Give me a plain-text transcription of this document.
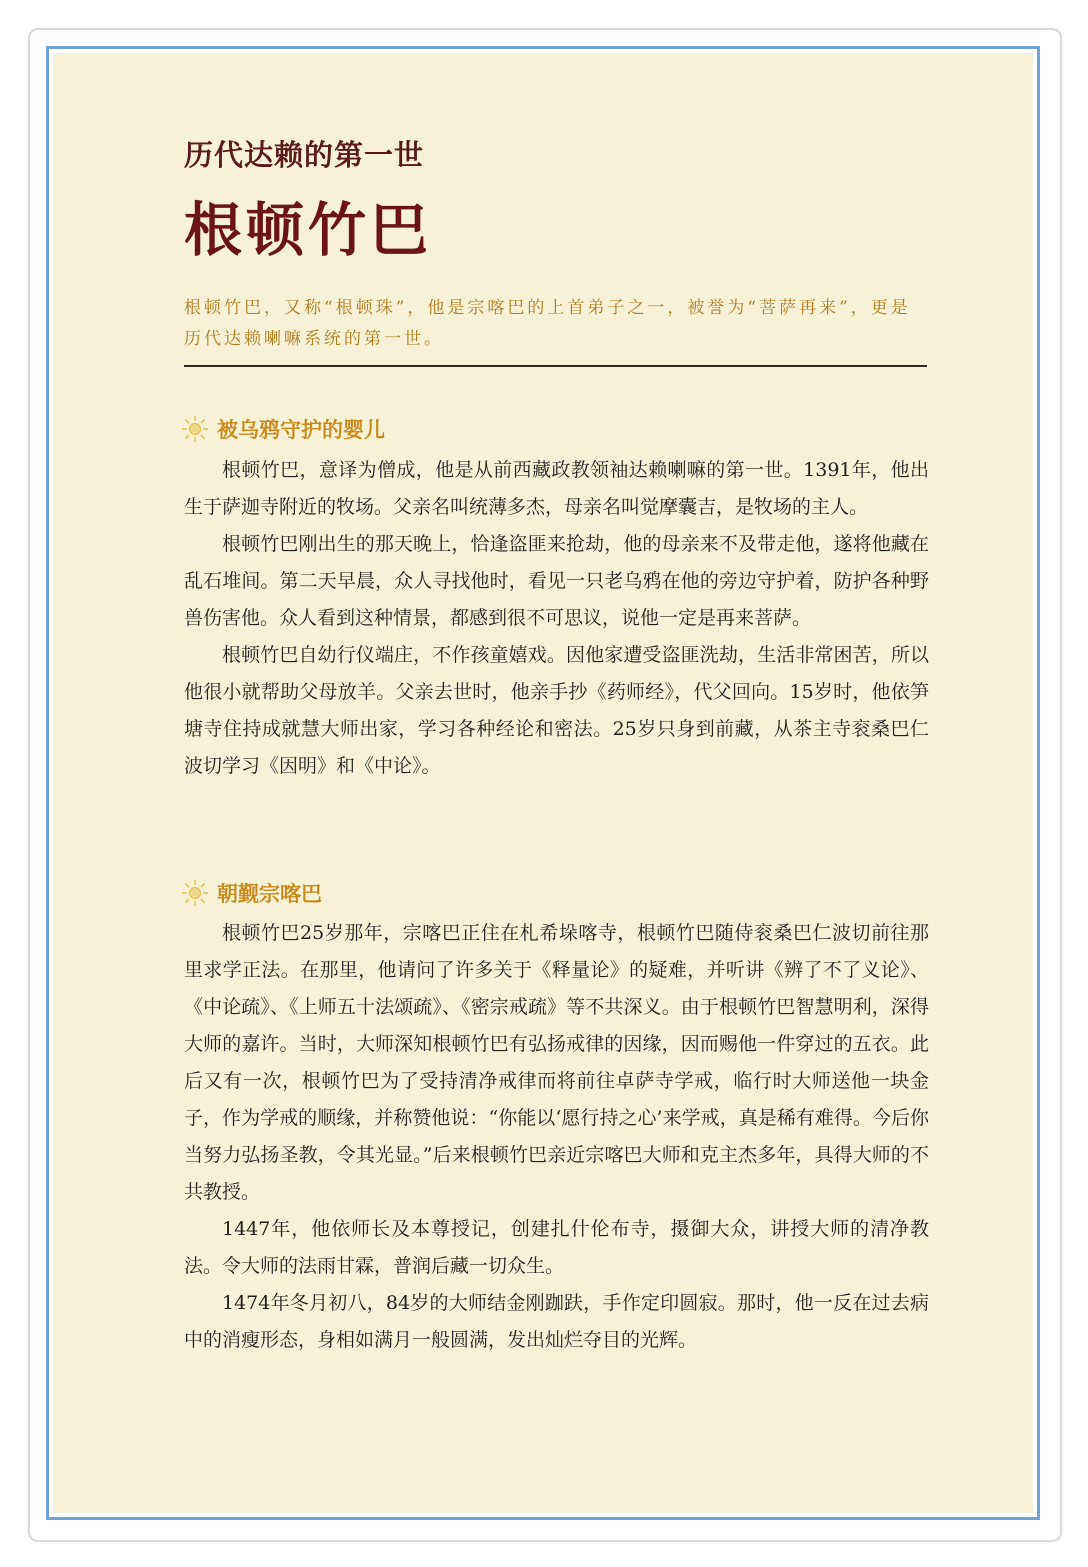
历代达赖的第一世
根顿竹巴

根顿竹巴，又称“根顿珠”，他是宗喀巴的上首弟子之一，被誉为“菩萨再来”，更是历代达赖喇嘛系统的第一世。

被乌鸦守护的婴儿

根顿竹巴，意译为僧成，他是从前西藏政教领袖达赖喇嘛的第一世。1391年，他出生于萨迦寺附近的牧场。父亲名叫统薄多杰，母亲名叫觉摩囊吉，是牧场的主人。

根顿竹巴刚出生的那天晚上，恰逢盗匪来抢劫，他的母亲来不及带走他，遂将他藏在乱石堆间。第二天早晨，众人寻找他时，看见一只老乌鸦在他的旁边守护着，防护各种野兽伤害他。众人看到这种情景，都感到很不可思议，说他一定是再来菩萨。

根顿竹巴自幼行仪端庄，不作孩童嬉戏。因他家遭受盗匪洗劫，生活非常困苦，所以他很小就帮助父母放羊。父亲去世时，他亲手抄《药师经》，代父回向。15岁时，他依笋塘寺住持成就慧大师出家，学习各种经论和密法。25岁只身到前藏，从茶主寺衮桑巴仁波切学习《因明》和《中论》。

朝觐宗喀巴

根顿竹巴25岁那年，宗喀巴正住在札希垛喀寺，根顿竹巴随侍衮桑巴仁波切前往那里求学正法。在那里，他请问了许多关于《释量论》的疑难，并听讲《辨了不了义论》、《中论疏》、《上师五十法颂疏》、《密宗戒疏》等不共深义。由于根顿竹巴智慧明利，深得大师的嘉许。当时，大师深知根顿竹巴有弘扬戒律的因缘，因而赐他一件穿过的五衣。此后又有一次，根顿竹巴为了受持清净戒律而将前往卓萨寺学戒，临行时大师送他一块金子，作为学戒的顺缘，并称赞他说：“你能以‘愿行持之心’来学戒，真是稀有难得。今后你当努力弘扬圣教，令其光显。”后来根顿竹巴亲近宗喀巴大师和克主杰多年，具得大师的不共教授。

1447年，他依师长及本尊授记，创建扎什伦布寺，摄御大众，讲授大师的清净教法。令大师的法雨甘霖，普润后藏一切众生。

1474年冬月初八，84岁的大师结金刚跏趺，手作定印圆寂。那时，他一反在过去病中的消瘦形态，身相如满月一般圆满，发出灿烂夺目的光辉。
